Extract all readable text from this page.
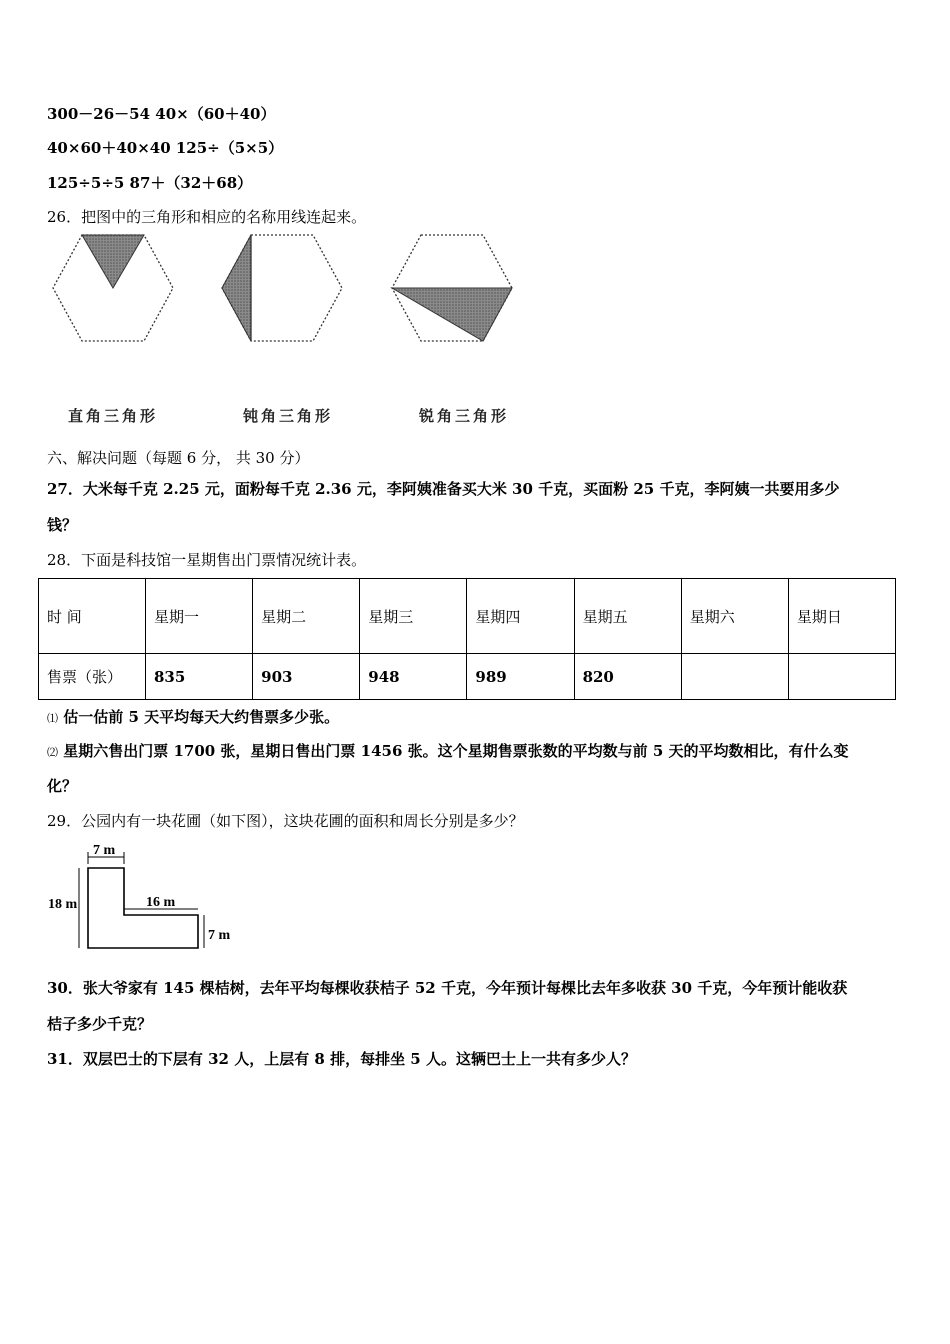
300－26－54 40×（60＋40）
40×60＋40×40 125÷（5×5）
125÷5÷5 87＋（32＋68）
26．把图中的三角形和相应的名称用线连起来。
直角三角形	钝角三角形	锐角三角形
六、解决问题（每题 6 分， 共 30 分）
27．大米每千克 2.25 元，面粉每千克 2.36 元，李阿姨准备买大米 30 千克，买面粉 25 千克，李阿姨一共要用多少
钱？
28．下面是科技馆一星期售出门票情况统计表。
时 间	星期一	星期二	星期三	星期四	星期五	星期六	星期日
售票（张）	835	903	948	989	820		
⑴ 估一估前 5 天平均每天大约售票多少张。
⑵ 星期六售出门票 1700 张，星期日售出门票 1456 张。这个星期售票张数的平均数与前 5 天的平均数相比，有什么变
化？
29．公园内有一块花圃（如下图），这块花圃的面积和周长分别是多少？
7 m
18 m	16 m
7 m
30．张大爷家有 145 棵桔树，去年平均每棵收获桔子 52 千克，今年预计每棵比去年多收获 30 千克，今年预计能收获
桔子多少千克？
31．双层巴士的下层有 32 人，上层有 8 排，每排坐 5 人。这辆巴士上一共有多少人？
